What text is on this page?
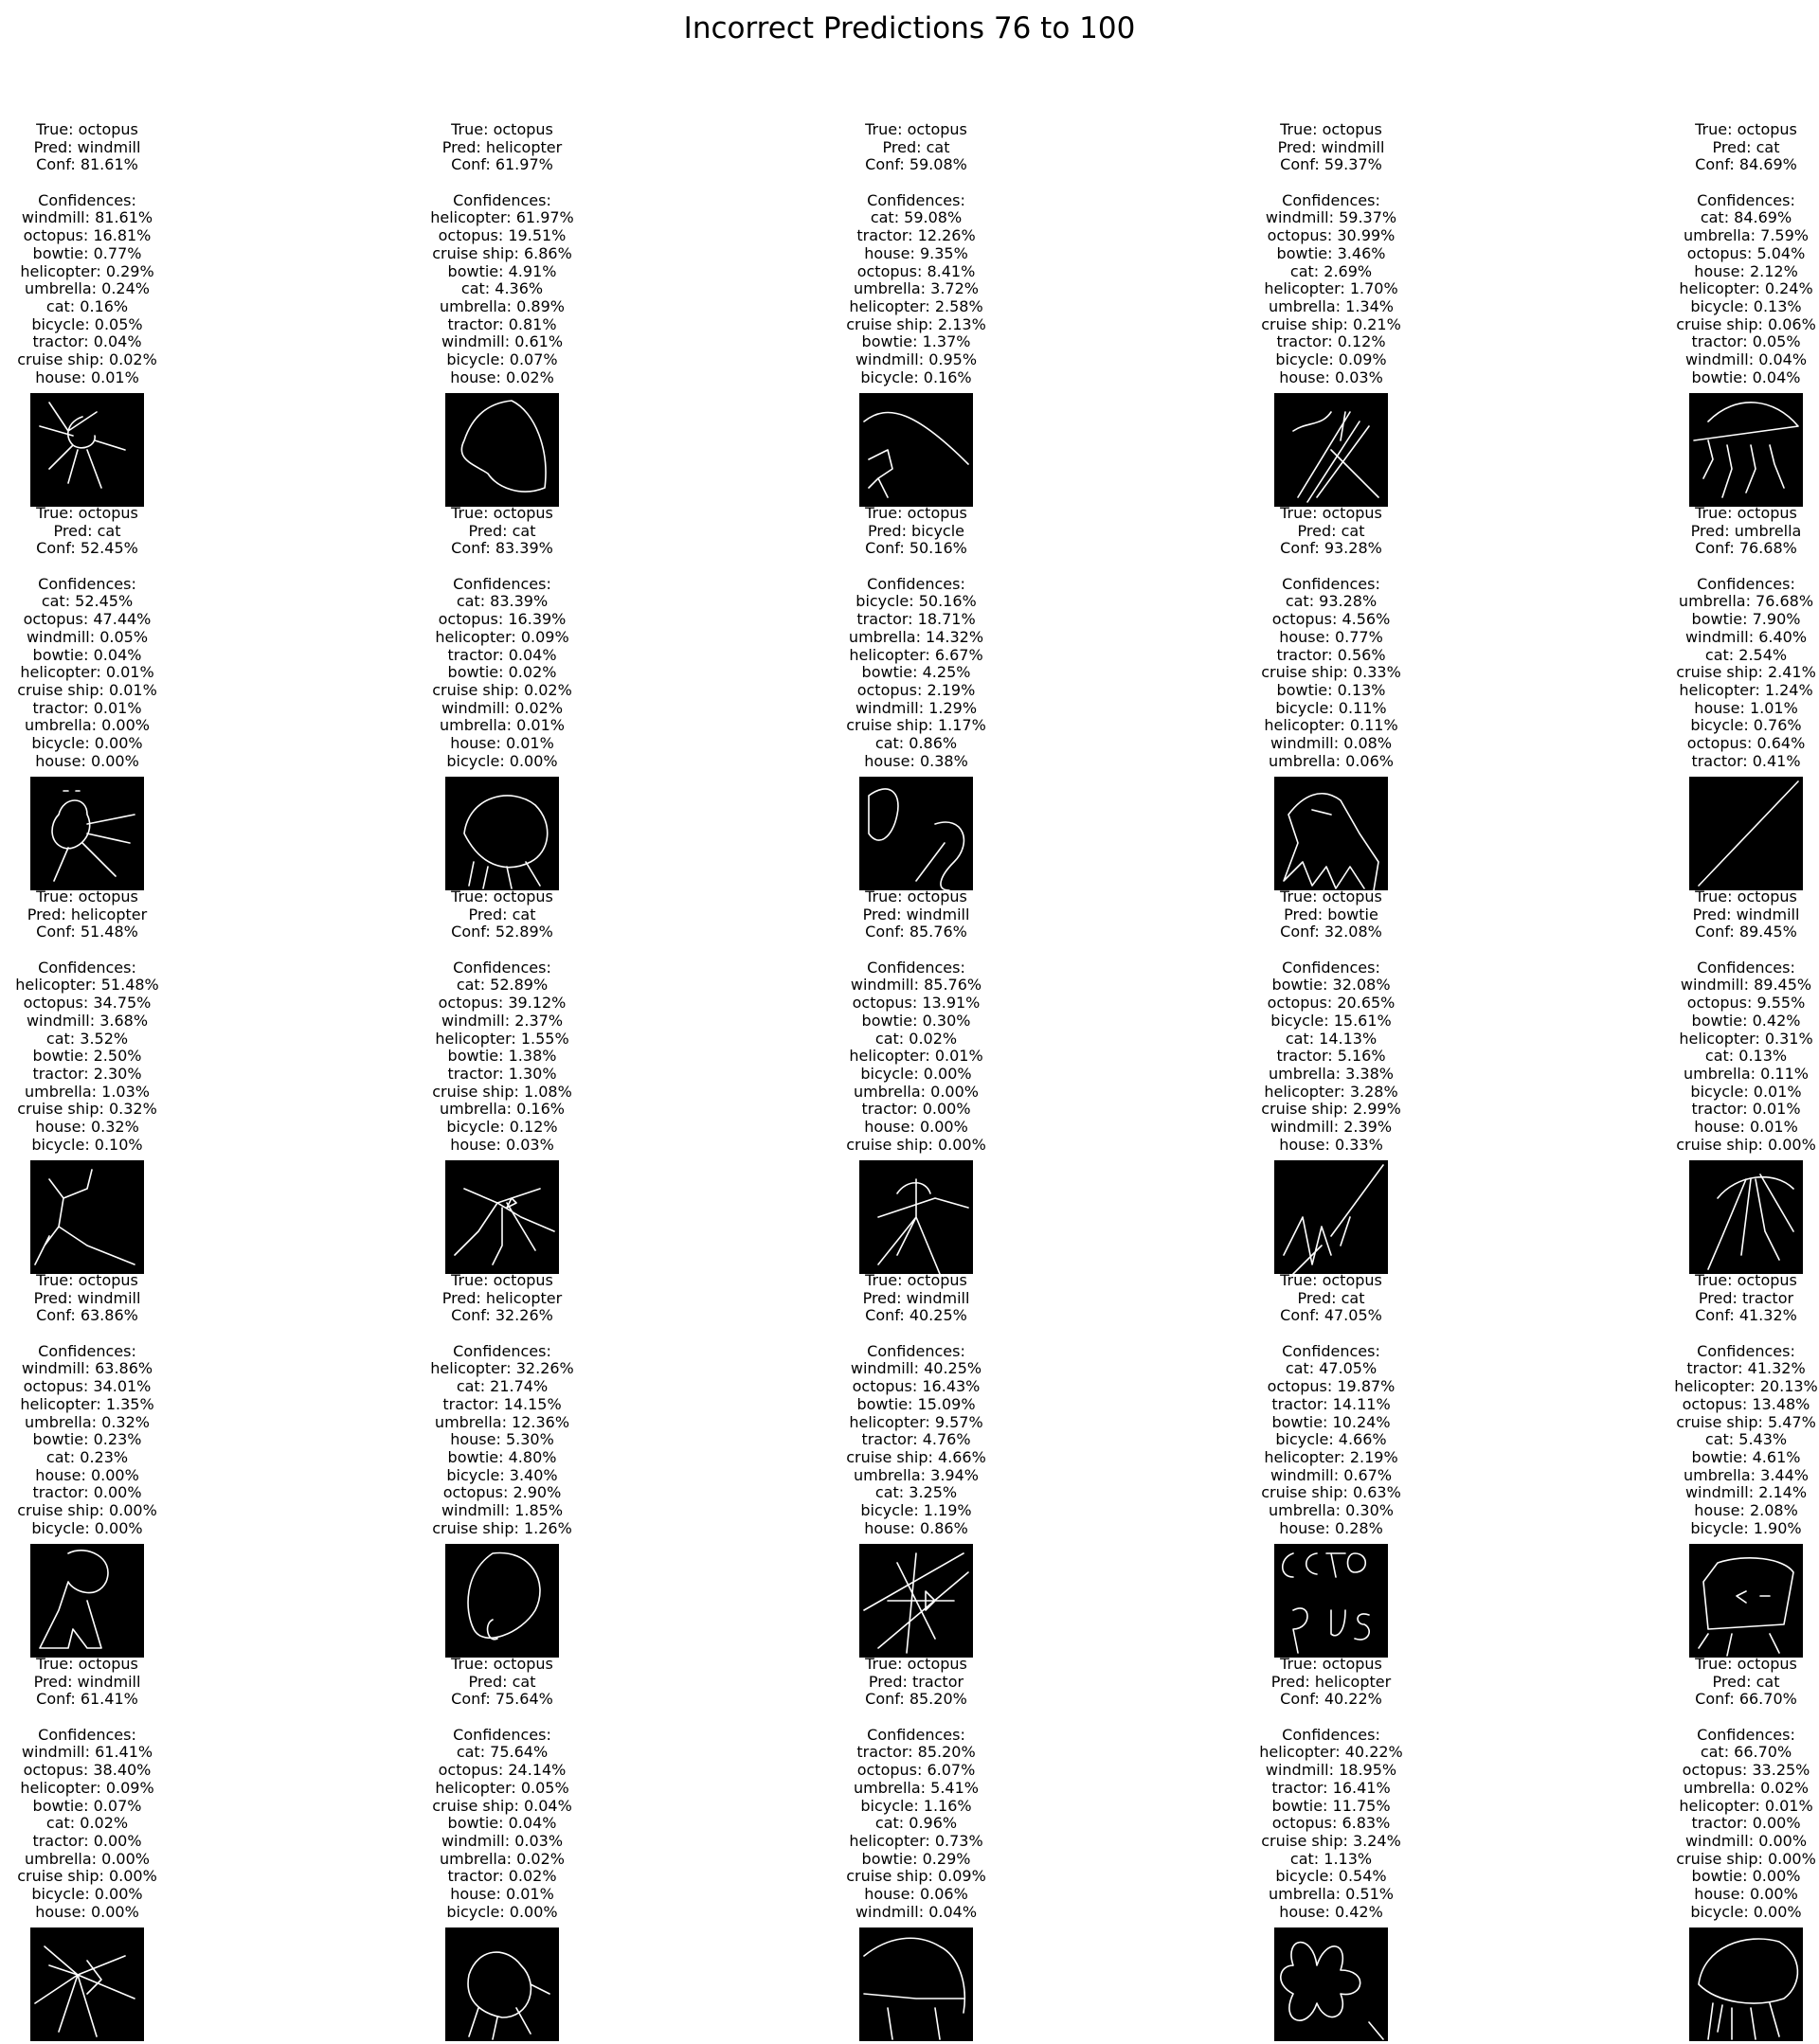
Incorrect Predictions 76 to 100
True: octopus
Pred: windmill
Conf: 81.61%
Confidences:
windmill: 81.61%
octopus: 16.81%
bowtie: 0.77%
helicopter: 0.29%
umbrella: 0.24%
cat: 0.16%
bicycle: 0.05%
tractor: 0.04%
cruise ship: 0.02%
house: 0.01%
True: octopus
Pred: helicopter
Conf: 61.97%
Confidences:
helicopter: 61.97%
octopus: 19.51%
cruise ship: 6.86%
bowtie: 4.91%
cat: 4.36%
umbrella: 0.89%
tractor: 0.81%
windmill: 0.61%
bicycle: 0.07%
house: 0.02%
True: octopus
Pred: cat
Conf: 59.08%
Confidences:
cat: 59.08%
tractor: 12.26%
house: 9.35%
octopus: 8.41%
umbrella: 3.72%
helicopter: 2.58%
cruise ship: 2.13%
bowtie: 1.37%
windmill: 0.95%
bicycle: 0.16%
True: octopus
Pred: windmill
Conf: 59.37%
Confidences:
windmill: 59.37%
octopus: 30.99%
bowtie: 3.46%
cat: 2.69%
helicopter: 1.70%
umbrella: 1.34%
cruise ship: 0.21%
tractor: 0.12%
bicycle: 0.09%
house: 0.03%
True: octopus
Pred: cat
Conf: 84.69%
Confidences:
cat: 84.69%
umbrella: 7.59%
octopus: 5.04%
house: 2.12%
helicopter: 0.24%
bicycle: 0.13%
cruise ship: 0.06%
tractor: 0.05%
windmill: 0.04%
bowtie: 0.04%
True: octopus
Pred: cat
Conf: 52.45%
Confidences:
cat: 52.45%
octopus: 47.44%
windmill: 0.05%
bowtie: 0.04%
helicopter: 0.01%
cruise ship: 0.01%
tractor: 0.01%
umbrella: 0.00%
bicycle: 0.00%
house: 0.00%
True: octopus
Pred: cat
Conf: 83.39%
Confidences:
cat: 83.39%
octopus: 16.39%
helicopter: 0.09%
tractor: 0.04%
bowtie: 0.02%
cruise ship: 0.02%
windmill: 0.02%
umbrella: 0.01%
house: 0.01%
bicycle: 0.00%
True: octopus
Pred: bicycle
Conf: 50.16%
Confidences:
bicycle: 50.16%
tractor: 18.71%
umbrella: 14.32%
helicopter: 6.67%
bowtie: 4.25%
octopus: 2.19%
windmill: 1.29%
cruise ship: 1.17%
cat: 0.86%
house: 0.38%
True: octopus
Pred: cat
Conf: 93.28%
Confidences:
cat: 93.28%
octopus: 4.56%
house: 0.77%
tractor: 0.56%
cruise ship: 0.33%
bowtie: 0.13%
bicycle: 0.11%
helicopter: 0.11%
windmill: 0.08%
umbrella: 0.06%
True: octopus
Pred: umbrella
Conf: 76.68%
Confidences:
umbrella: 76.68%
bowtie: 7.90%
windmill: 6.40%
cat: 2.54%
cruise ship: 2.41%
helicopter: 1.24%
house: 1.01%
bicycle: 0.76%
octopus: 0.64%
tractor: 0.41%
True: octopus
Pred: helicopter
Conf: 51.48%
Confidences:
helicopter: 51.48%
octopus: 34.75%
windmill: 3.68%
cat: 3.52%
bowtie: 2.50%
tractor: 2.30%
umbrella: 1.03%
cruise ship: 0.32%
house: 0.32%
bicycle: 0.10%
True: octopus
Pred: cat
Conf: 52.89%
Confidences:
cat: 52.89%
octopus: 39.12%
windmill: 2.37%
helicopter: 1.55%
bowtie: 1.38%
tractor: 1.30%
cruise ship: 1.08%
umbrella: 0.16%
bicycle: 0.12%
house: 0.03%
True: octopus
Pred: windmill
Conf: 85.76%
Confidences:
windmill: 85.76%
octopus: 13.91%
bowtie: 0.30%
cat: 0.02%
helicopter: 0.01%
bicycle: 0.00%
umbrella: 0.00%
tractor: 0.00%
house: 0.00%
cruise ship: 0.00%
True: octopus
Pred: bowtie
Conf: 32.08%
Confidences:
bowtie: 32.08%
octopus: 20.65%
bicycle: 15.61%
cat: 14.13%
tractor: 5.16%
umbrella: 3.38%
helicopter: 3.28%
cruise ship: 2.99%
windmill: 2.39%
house: 0.33%
True: octopus
Pred: windmill
Conf: 89.45%
Confidences:
windmill: 89.45%
octopus: 9.55%
bowtie: 0.42%
helicopter: 0.31%
cat: 0.13%
umbrella: 0.11%
bicycle: 0.01%
tractor: 0.01%
house: 0.01%
cruise ship: 0.00%
True: octopus
Pred: windmill
Conf: 63.86%
Confidences:
windmill: 63.86%
octopus: 34.01%
helicopter: 1.35%
umbrella: 0.32%
bowtie: 0.23%
cat: 0.23%
house: 0.00%
tractor: 0.00%
cruise ship: 0.00%
bicycle: 0.00%
True: octopus
Pred: helicopter
Conf: 32.26%
Confidences:
helicopter: 32.26%
cat: 21.74%
tractor: 14.15%
umbrella: 12.36%
house: 5.30%
bowtie: 4.80%
bicycle: 3.40%
octopus: 2.90%
windmill: 1.85%
cruise ship: 1.26%
True: octopus
Pred: windmill
Conf: 40.25%
Confidences:
windmill: 40.25%
octopus: 16.43%
bowtie: 15.09%
helicopter: 9.57%
tractor: 4.76%
cruise ship: 4.66%
umbrella: 3.94%
cat: 3.25%
bicycle: 1.19%
house: 0.86%
True: octopus
Pred: cat
Conf: 47.05%
Confidences:
cat: 47.05%
octopus: 19.87%
tractor: 14.11%
bowtie: 10.24%
bicycle: 4.66%
helicopter: 2.19%
windmill: 0.67%
cruise ship: 0.63%
umbrella: 0.30%
house: 0.28%
True: octopus
Pred: tractor
Conf: 41.32%
Confidences:
tractor: 41.32%
helicopter: 20.13%
octopus: 13.48%
cruise ship: 5.47%
cat: 5.43%
bowtie: 4.61%
umbrella: 3.44%
windmill: 2.14%
house: 2.08%
bicycle: 1.90%
True: octopus
Pred: windmill
Conf: 61.41%
Confidences:
windmill: 61.41%
octopus: 38.40%
helicopter: 0.09%
bowtie: 0.07%
cat: 0.02%
tractor: 0.00%
umbrella: 0.00%
cruise ship: 0.00%
bicycle: 0.00%
house: 0.00%
True: octopus
Pred: cat
Conf: 75.64%
Confidences:
cat: 75.64%
octopus: 24.14%
helicopter: 0.05%
cruise ship: 0.04%
bowtie: 0.04%
windmill: 0.03%
umbrella: 0.02%
tractor: 0.02%
house: 0.01%
bicycle: 0.00%
True: octopus
Pred: tractor
Conf: 85.20%
Confidences:
tractor: 85.20%
octopus: 6.07%
umbrella: 5.41%
bicycle: 1.16%
cat: 0.96%
helicopter: 0.73%
bowtie: 0.29%
cruise ship: 0.09%
house: 0.06%
windmill: 0.04%
True: octopus
Pred: helicopter
Conf: 40.22%
Confidences:
helicopter: 40.22%
windmill: 18.95%
tractor: 16.41%
bowtie: 11.75%
octopus: 6.83%
cruise ship: 3.24%
cat: 1.13%
bicycle: 0.54%
umbrella: 0.51%
house: 0.42%
True: octopus
Pred: cat
Conf: 66.70%
Confidences:
cat: 66.70%
octopus: 33.25%
umbrella: 0.02%
helicopter: 0.01%
tractor: 0.00%
windmill: 0.00%
cruise ship: 0.00%
bowtie: 0.00%
house: 0.00%
bicycle: 0.00%
